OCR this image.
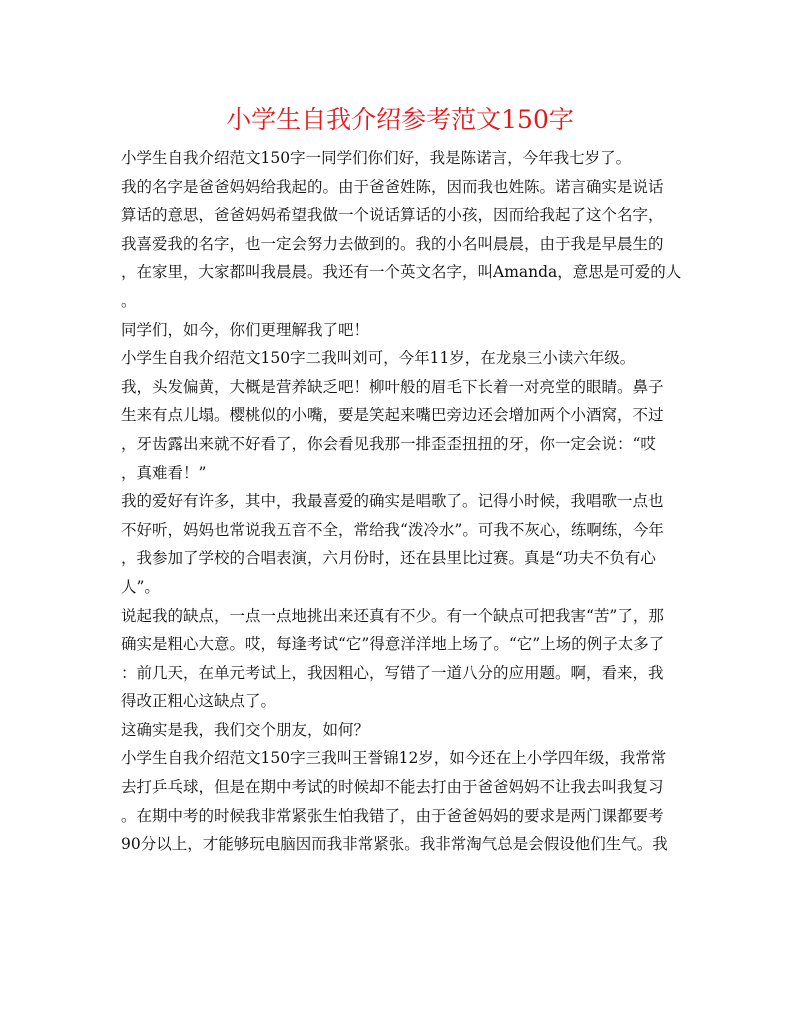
小学生自我介绍参考范文150字
小学生自我介绍范文150字一同学们你们好，我是陈诺言，今年我七岁了。
我的名字是爸爸妈妈给我起的。由于爸爸姓陈，因而我也姓陈。诺言确实是说话
算话的意思，爸爸妈妈希望我做一个说话算话的小孩，因而给我起了这个名字，
我喜爱我的名字，也一定会努力去做到的。我的小名叫晨晨，由于我是早晨生的
，在家里，大家都叫我晨晨。我还有一个英文名字，叫Amanda，意思是可爱的人
。
同学们，如今，你们更理解我了吧！
小学生自我介绍范文150字二我叫刘可，今年11岁，在龙泉三小读六年级。
我，头发偏黄，大概是营养缺乏吧！柳叶般的眉毛下长着一对亮堂的眼睛。鼻子
生来有点儿塌。樱桃似的小嘴，要是笑起来嘴巴旁边还会增加两个小酒窝，不过
，牙齿露出来就不好看了，你会看见我那一排歪歪扭扭的牙，你一定会说：“哎
，真难看！”
我的爱好有许多，其中，我最喜爱的确实是唱歌了。记得小时候，我唱歌一点也
不好听，妈妈也常说我五音不全，常给我“泼冷水”。可我不灰心，练啊练，今年
，我参加了学校的合唱表演，六月份时，还在县里比过赛。真是“功夫不负有心
人”。
说起我的缺点，一点一点地挑出来还真有不少。有一个缺点可把我害“苦”了，那
确实是粗心大意。哎，每逢考试“它”得意洋洋地上场了。“它”上场的例子太多了
：前几天，在单元考试上，我因粗心，写错了一道八分的应用题。啊，看来，我
得改正粗心这缺点了。
这确实是我，我们交个朋友，如何？
小学生自我介绍范文150字三我叫王誉锦12岁，如今还在上小学四年级，我常常
去打乒乓球，但是在期中考试的时候却不能去打由于爸爸妈妈不让我去叫我复习
。在期中考的时候我非常紧张生怕我错了，由于爸爸妈妈的要求是两门课都要考
90分以上，才能够玩电脑因而我非常紧张。我非常淘气总是会假设他们生气。我
